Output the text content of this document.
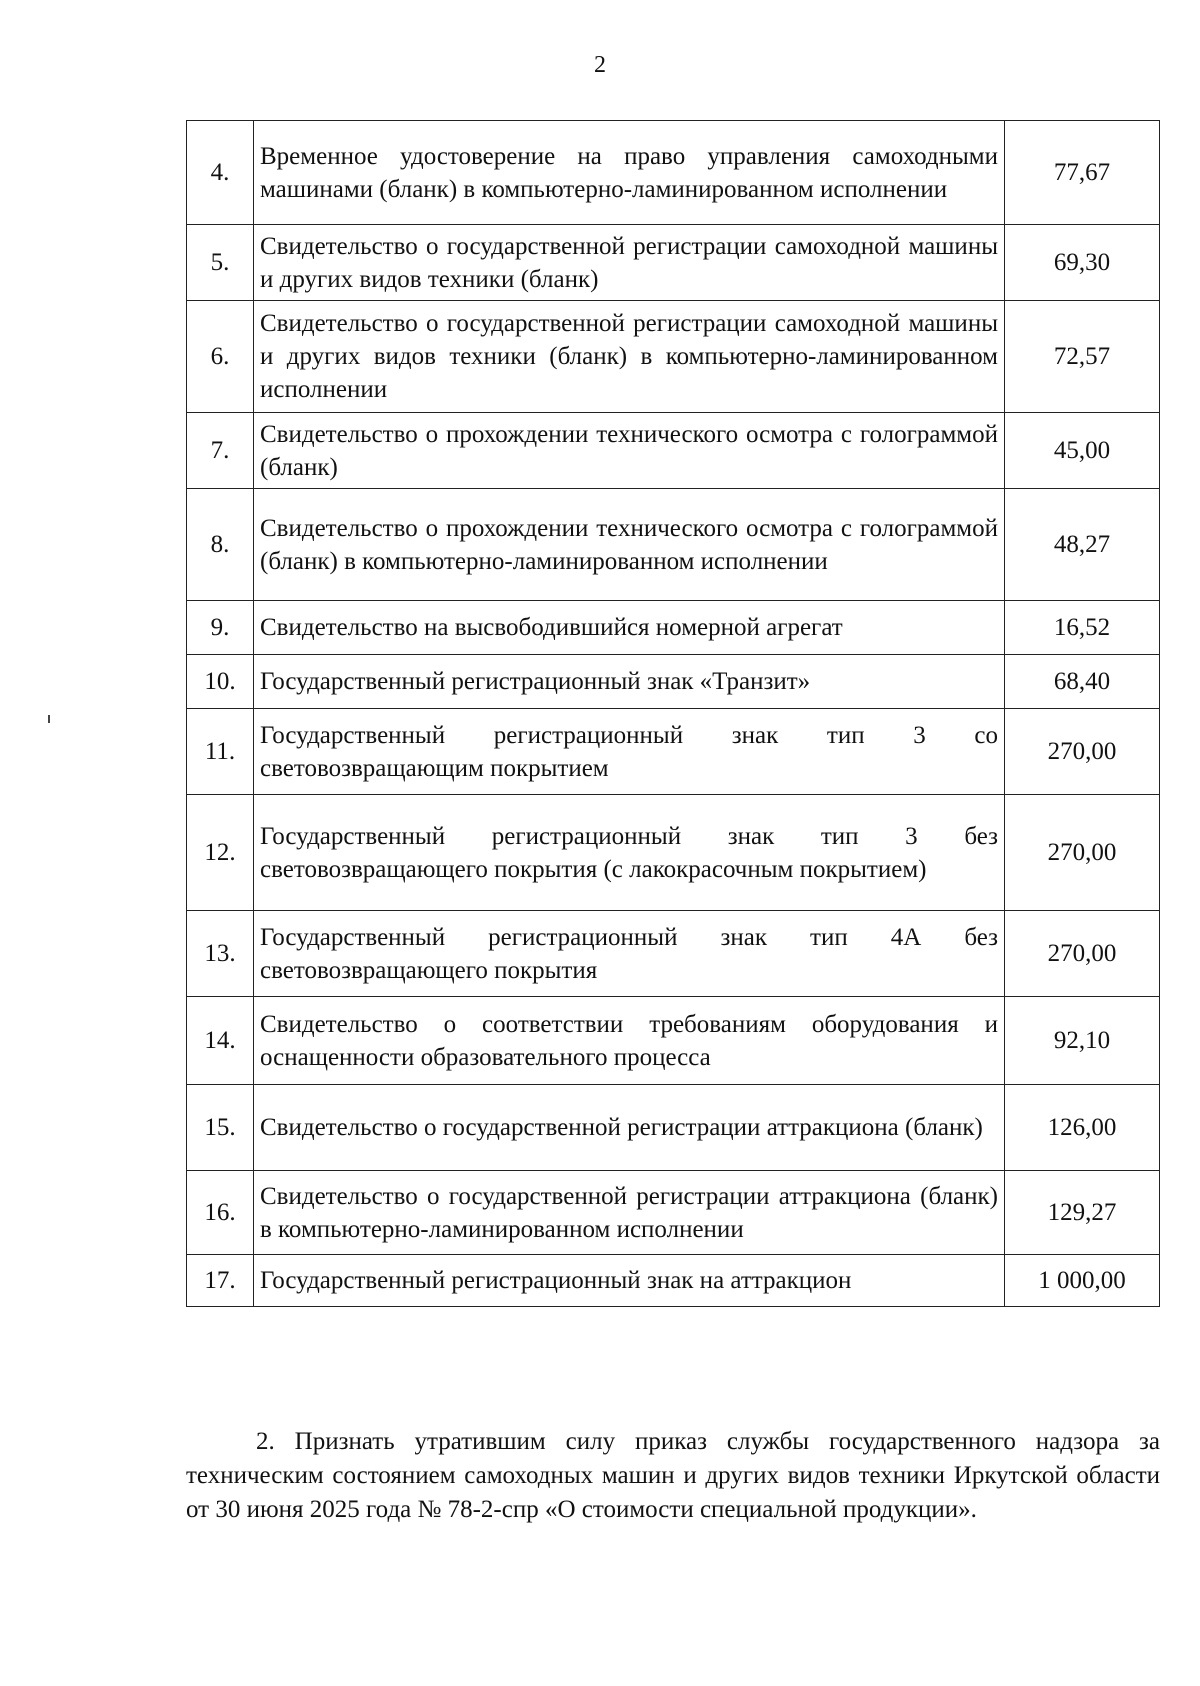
2
4.	Временное удостоверение на право управления самоходными машинами (бланк) в компьютерно-ламинированном исполнении	77,67
5.	Свидетельство о государственной регистрации самоходной машины и других видов техники (бланк)	69,30
6.	Свидетельство о государственной регистрации самоходной машины и других видов техники (бланк) в компьютерно-ламинированном исполнении	72,57
7.	Свидетельство о прохождении технического осмотра с голограммой (бланк)	45,00
8.	Свидетельство о прохождении технического осмотра с голограммой (бланк) в компьютерно-ламинированном исполнении	48,27
9.	Свидетельство на высвободившийся номерной агрегат	16,52
10.	Государственный регистрационный знак «Транзит»	68,40
11.	Государственный регистрационный знак тип 3 со световозвращающим покрытием	270,00
12.	Государственный регистрационный знак тип 3 без световозвращающего покрытия (с лакокрасочным покрытием)	270,00
13.	Государственный регистрационный знак тип 4А без световозвращающего покрытия	270,00
14.	Свидетельство о соответствии требованиям оборудования и оснащенности образовательного процесса	92,10
15.	Свидетельство о государственной регистрации аттракциона (бланк)	126,00
16.	Свидетельство о государственной регистрации аттракциона (бланк) в компьютерно-ламинированном исполнении	129,27
17.	Государственный регистрационный знак на аттракцион	1 000,00

2. Признать утратившим силу приказ службы государственного надзора за техническим состоянием самоходных машин и других видов техники Иркутской области от 30 июня 2025 года № 78-2-спр «О стоимости специальной продукции».
